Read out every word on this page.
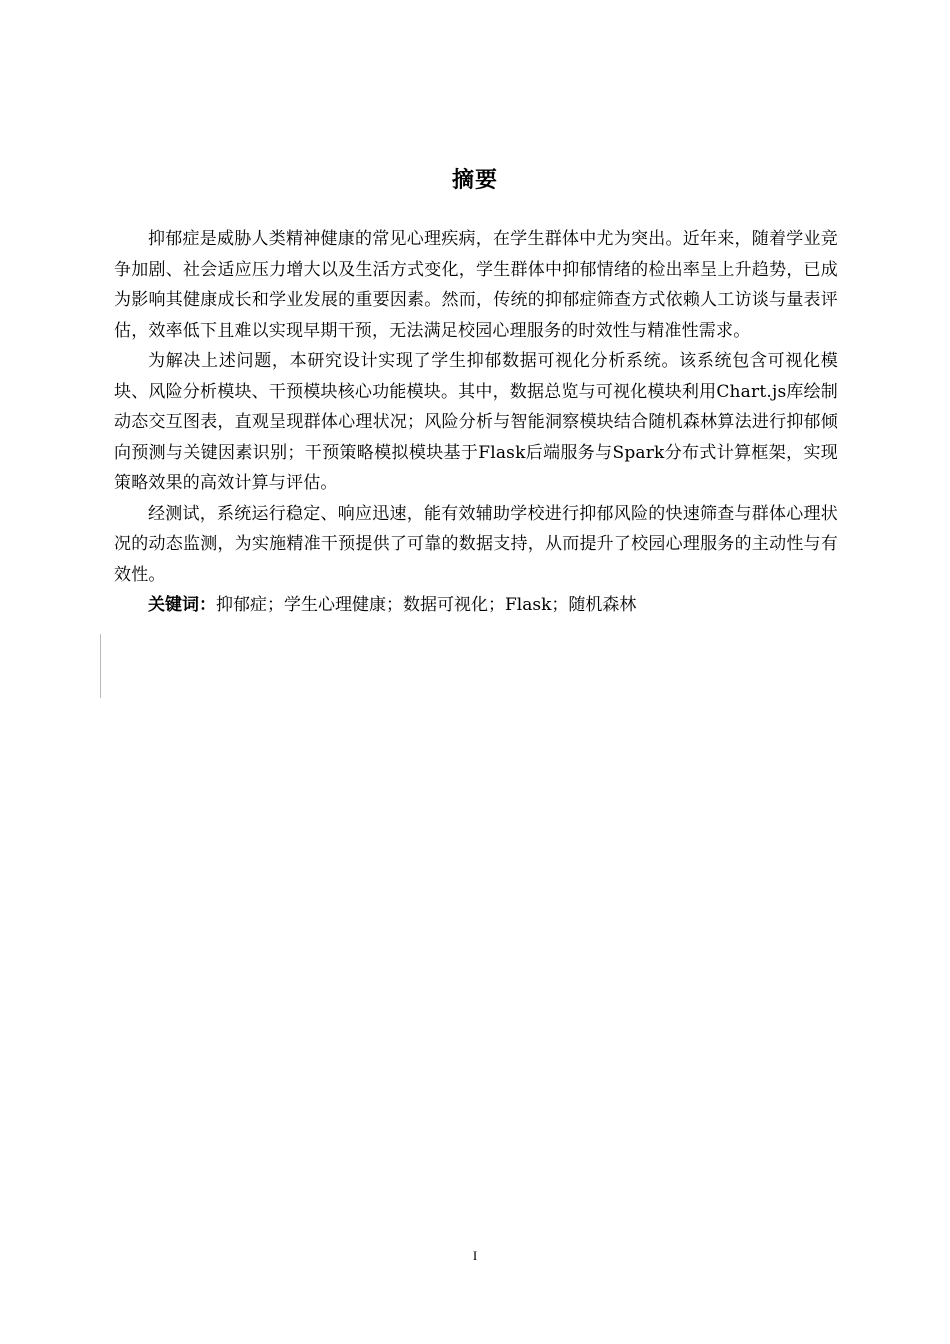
摘要

抑郁症是威胁人类精神健康的常见心理疾病，在学生群体中尤为突出。近年来，随着学业竞争加剧、社会适应压力增大以及生活方式变化，学生群体中抑郁情绪的检出率呈上升趋势，已成为影响其健康成长和学业发展的重要因素。然而，传统的抑郁症筛查方式依赖人工访谈与量表评估，效率低下且难以实现早期干预，无法满足校园心理服务的时效性与精准性需求。

为解决上述问题，本研究设计实现了学生抑郁数据可视化分析系统。该系统包含可视化模块、风险分析模块、干预模块核心功能模块。其中，数据总览与可视化模块利用Chart.js库绘制动态交互图表，直观呈现群体心理状况；风险分析与智能洞察模块结合随机森林算法进行抑郁倾向预测与关键因素识别；干预策略模拟模块基于Flask后端服务与Spark分布式计算框架，实现策略效果的高效计算与评估。

经测试，系统运行稳定、响应迅速，能有效辅助学校进行抑郁风险的快速筛查与群体心理状况的动态监测，为实施精准干预提供了可靠的数据支持，从而提升了校园心理服务的主动性与有效性。

关键词：抑郁症；学生心理健康；数据可视化；Flask；随机森林

I
